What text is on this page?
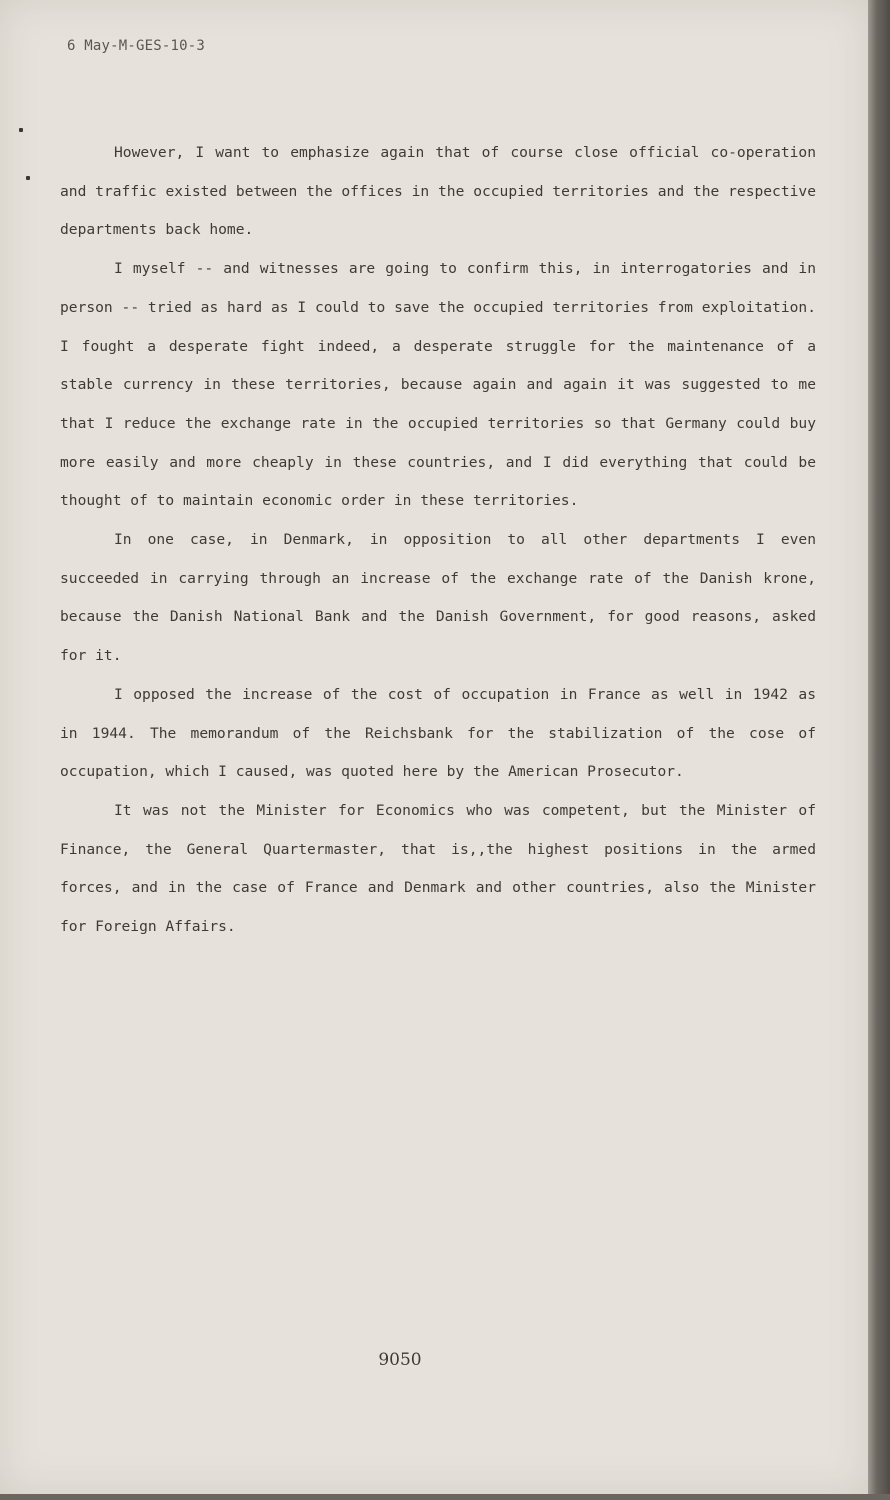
6 May-M-GES-10-3

However, I want to emphasize again that of course close official co-operation and traffic existed between the offices in the occupied territories and the respective departments back home.

I myself -- and witnesses are going to confirm this, in interrogatories and in person -- tried as hard as I could to save the occupied territories from exploitation. I fought a desperate fight indeed, a desperate struggle for the maintenance of a stable currency in these territories, because again and again it was suggested to me that I reduce the exchange rate in the occupied territories so that Germany could buy more easily and more cheaply in these countries, and I did everything that could be thought of to maintain economic order in these territories.

In one case, in Denmark, in opposition to all other departments I even succeeded in carrying through an increase of the exchange rate of the Danish krone, because the Danish National Bank and the Danish Government, for good reasons, asked for it.

I opposed the increase of the cost of occupation in France as well in 1942 as in 1944. The memorandum of the Reichsbank for the stabilization of the cose of occupation, which I caused, was quoted here by the American Prosecutor.

It was not the Minister for Economics who was competent, but the Minister of Finance, the General Quartermaster, that is,,the highest positions in the armed forces, and in the case of France and Denmark and other countries, also the Minister for Foreign Affairs.

9050
